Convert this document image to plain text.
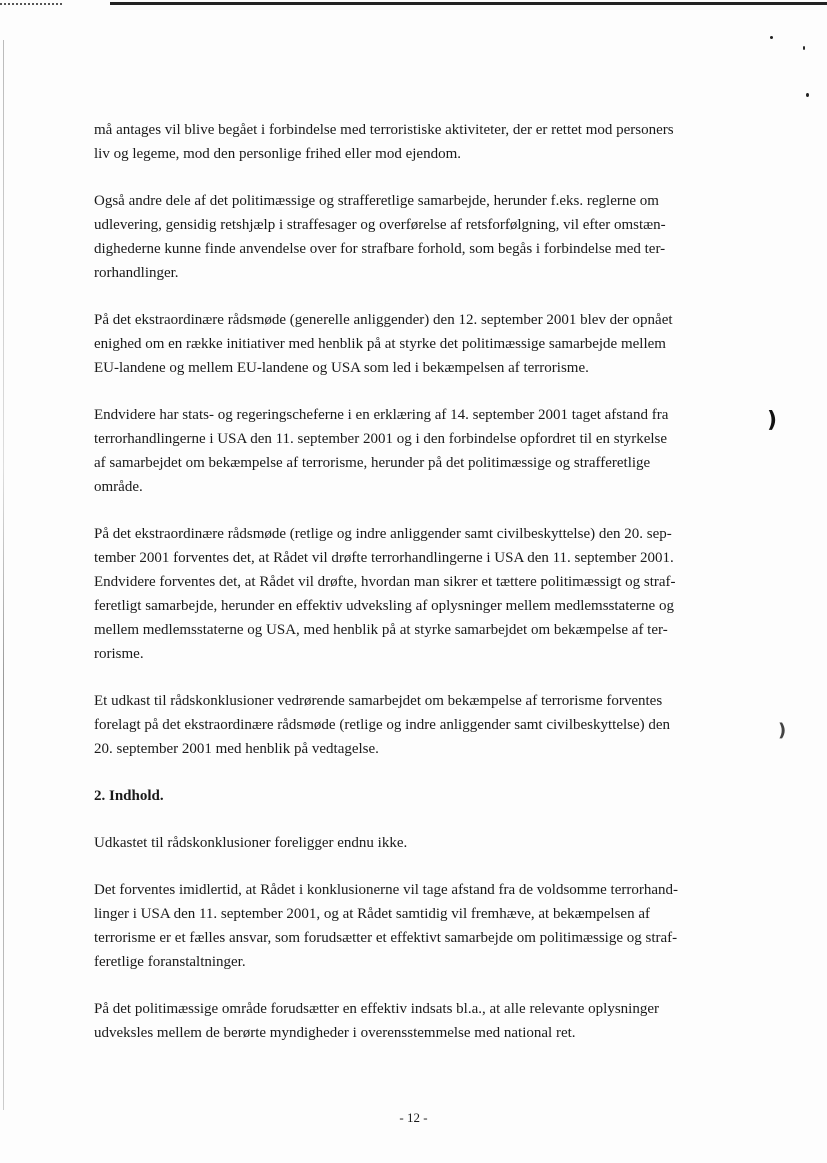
)
)
må antages vil blive begået i forbindelse med terroristiske aktiviteter, der er rettet mod personers
liv og legeme, mod den personlige frihed eller mod ejendom.
Også andre dele af det politimæssige og strafferetlige samarbejde, herunder f.eks. reglerne om
udlevering, gensidig retshjælp i straffesager og overførelse af retsforfølgning, vil efter omstæn-
dighederne kunne finde anvendelse over for strafbare forhold, som begås i forbindelse med ter-
rorhandlinger.
På det ekstraordinære rådsmøde (generelle anliggender) den 12. september 2001 blev der opnået
enighed om en række initiativer med henblik på at styrke det politimæssige samarbejde mellem
EU-landene og mellem EU-landene og USA som led i bekæmpelsen af terrorisme.
Endvidere har stats- og regeringscheferne i en erklæring af 14. september 2001 taget afstand fra
terrorhandlingerne i USA den 11. september 2001 og i den forbindelse opfordret til en styrkelse
af samarbejdet om bekæmpelse af terrorisme, herunder på det politimæssige og strafferetlige
område.
På det ekstraordinære rådsmøde (retlige og indre anliggender samt civilbeskyttelse) den 20. sep-
tember 2001 forventes det, at Rådet vil drøfte terrorhandlingerne i USA den 11. september 2001.
Endvidere forventes det, at Rådet vil drøfte, hvordan man sikrer et tættere politimæssigt og straf-
feretligt samarbejde, herunder en effektiv udveksling af oplysninger mellem medlemsstaterne og
mellem medlemsstaterne og USA, med henblik på at styrke samarbejdet om bekæmpelse af ter-
rorisme.
Et udkast til rådskonklusioner vedrørende samarbejdet om bekæmpelse af terrorisme forventes
forelagt på det ekstraordinære rådsmøde (retlige og indre anliggender samt civilbeskyttelse) den
20. september 2001 med henblik på vedtagelse.
2. Indhold.
Udkastet til rådskonklusioner foreligger endnu ikke.
Det forventes imidlertid, at Rådet i konklusionerne vil tage afstand fra de voldsomme terrorhand-
linger i USA den 11. september 2001, og at Rådet samtidig vil fremhæve, at bekæmpelsen af
terrorisme er et fælles ansvar, som forudsætter et effektivt samarbejde om politimæssige og straf-
feretlige foranstaltninger.
På det politimæssige område forudsætter en effektiv indsats bl.a., at alle relevante oplysninger
udveksles mellem de berørte myndigheder i overensstemmelse med national ret.
- 12 -
